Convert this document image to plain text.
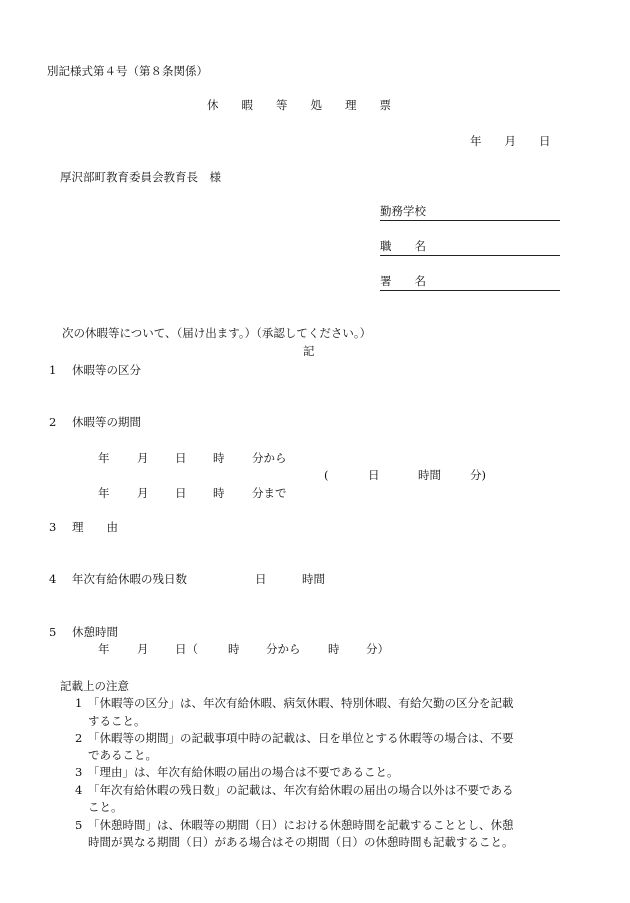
別記様式第４号（第８条関係）
休　　暇　　等　　処　　理　　票
年　　月　　日
厚沢部町教育委員会教育長　様
勤務学校
職　　名
署　　名
次の休暇等について、（届け出ます。）（承認してください。）
記
1 休暇等の区分
2 休暇等の期間
年 月 日 時 分から
(	日	時間	分)
年 月 日 時 分まで
3 理　　由
4 年次有給休暇の残日数	日	時間
5 休憩時間
年 月 日（	時 分から 時 分）
記載上の注意
1 「休暇等の区分」は、年次有給休暇、病気休暇、特別休暇、有給欠勤の区分を記載
すること。
2 「休暇等の期間」の記載事項中時の記載は、日を単位とする休暇等の場合は、不要
であること。
3 「理由」は、年次有給休暇の届出の場合は不要であること。
4 「年次有給休暇の残日数」の記載は、年次有給休暇の届出の場合以外は不要である
こと。
5 「休憩時間」は、休暇等の期間（日）における休憩時間を記載することとし、休憩
時間が異なる期間（日）がある場合はその期間（日）の休憩時間も記載すること。
